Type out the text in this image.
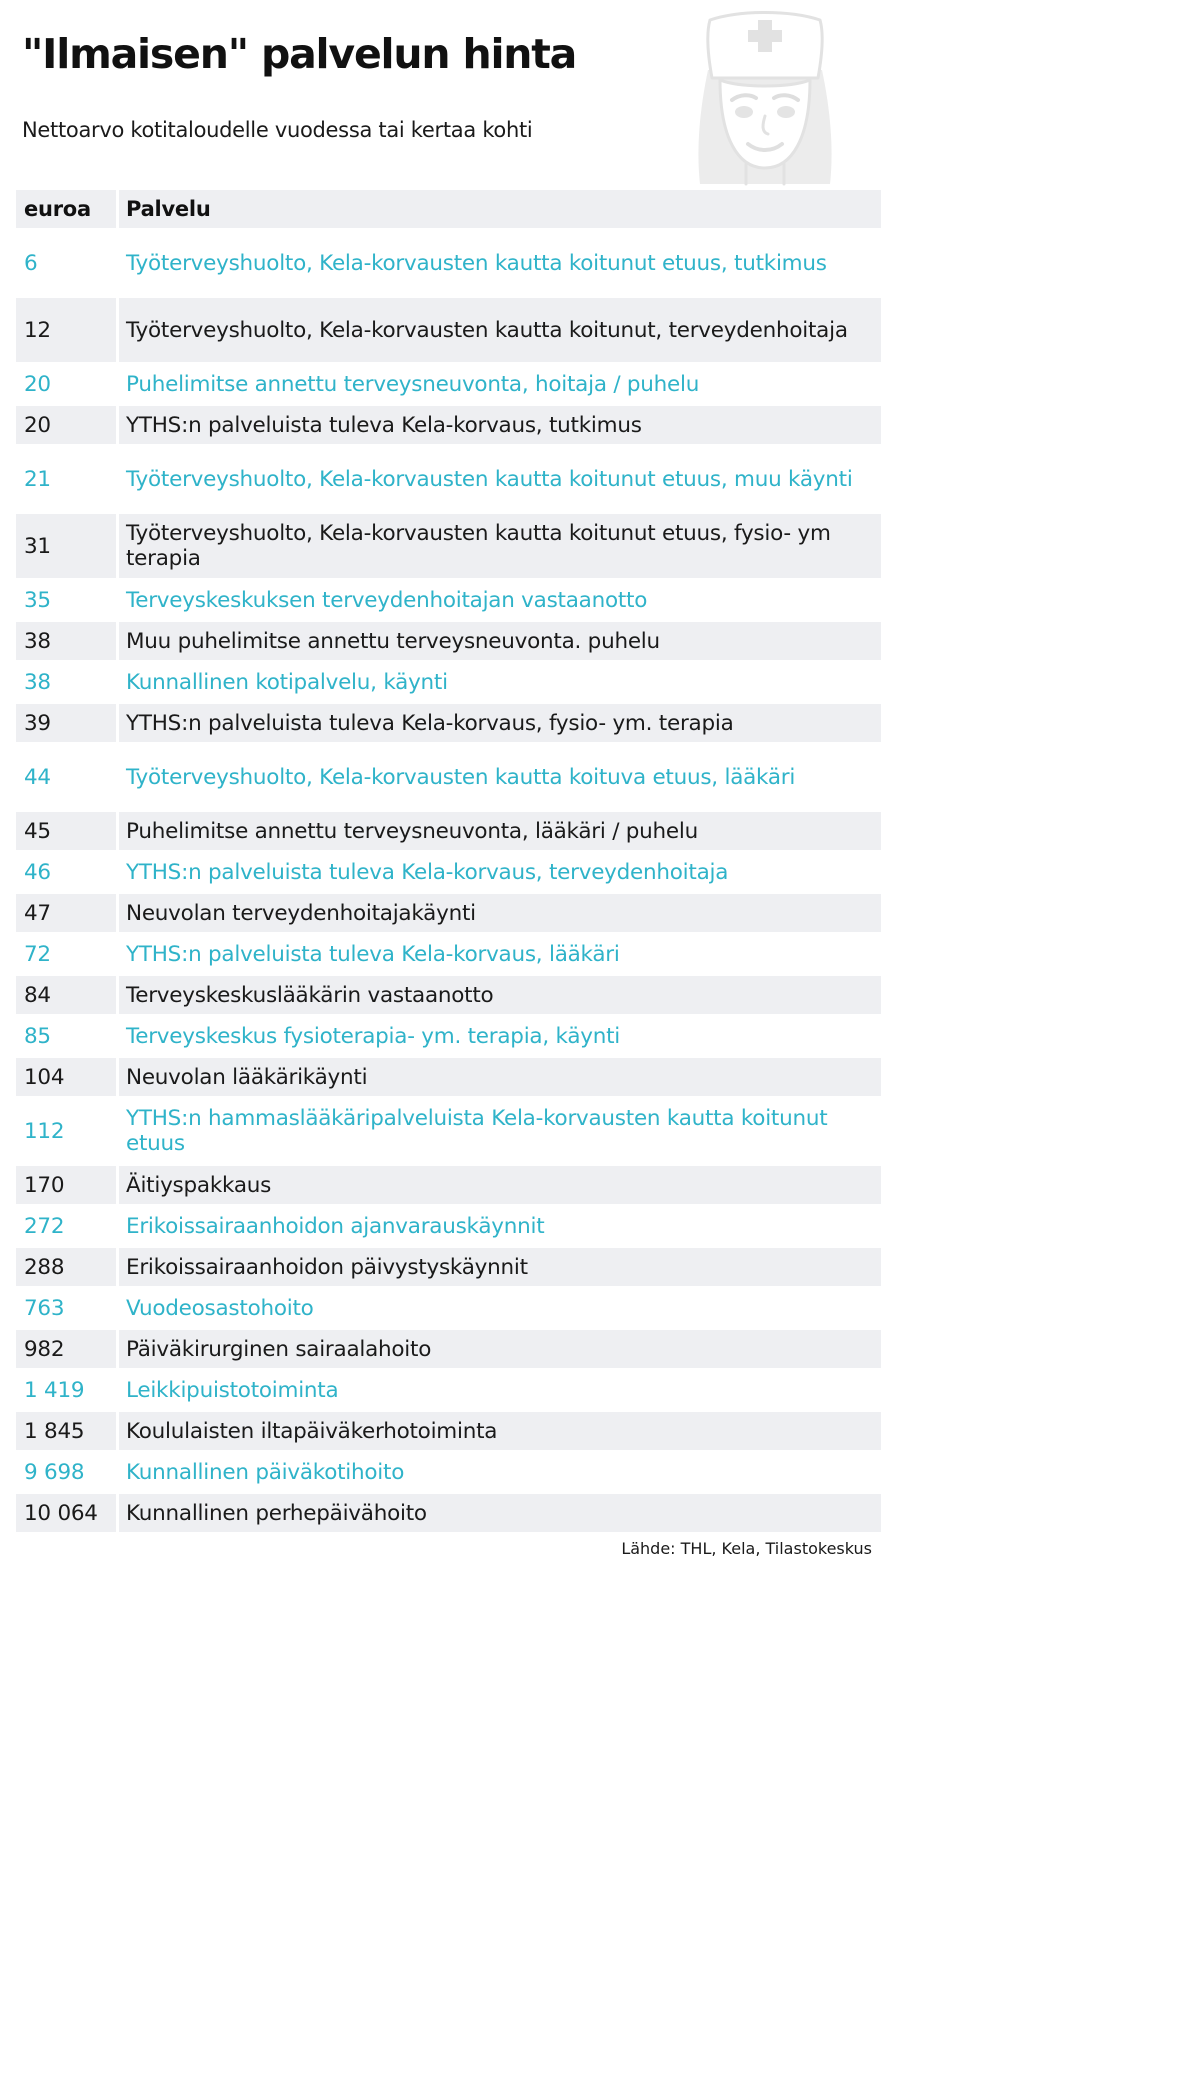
"Ilmaisen" palvelun hinta

Nettoarvo kotitaloudelle vuodessa tai kertaa kohti

euroa Palvelu
6	Työterveyshuolto, Kela-korvausten kautta koitunut etuus, tutkimus
12	Työterveyshuolto, Kela-korvausten kautta koitunut, terveydenhoitaja
20	Puhelimitse annettu terveysneuvonta, hoitaja / puhelu
20	YTHS:n palveluista tuleva Kela-korvaus, tutkimus
21	Työterveyshuolto, Kela-korvausten kautta koitunut etuus, muu käynti
31	Työterveyshuolto, Kela-korvausten kautta koitunut etuus, fysio- ym terapia
35	Terveyskeskuksen terveydenhoitajan vastaanotto
38	Muu puhelimitse annettu terveysneuvonta. puhelu
38	Kunnallinen kotipalvelu, käynti
39	YTHS:n palveluista tuleva Kela-korvaus, fysio- ym. terapia
44	Työterveyshuolto, Kela-korvausten kautta koituva etuus, lääkäri
45	Puhelimitse annettu terveysneuvonta, lääkäri / puhelu
46	YTHS:n palveluista tuleva Kela-korvaus, terveydenhoitaja
47	Neuvolan terveydenhoitajakäynti
72	YTHS:n palveluista tuleva Kela-korvaus, lääkäri
84	Terveyskeskuslääkärin vastaanotto
85	Terveyskeskus fysioterapia- ym. terapia, käynti
104	Neuvolan lääkärikäynti
112	YTHS:n hammaslääkäripalveluista Kela-korvausten kautta koitunut etuus
170	Äitiyspakkaus
272	Erikoissairaanhoidon ajanvarauskäynnit
288	Erikoissairaanhoidon päivystyskäynnit
763	Vuodeosastohoito
982	Päiväkirurginen sairaalahoito
1 419 Leikkipuistotoiminta
1 845 Koululaisten iltapäiväkerhotoiminta
9 698 Kunnallinen päiväkotihoito
10 064 Kunnallinen perhepäivähoito
Lähde: THL, Kela, Tilastokeskus
